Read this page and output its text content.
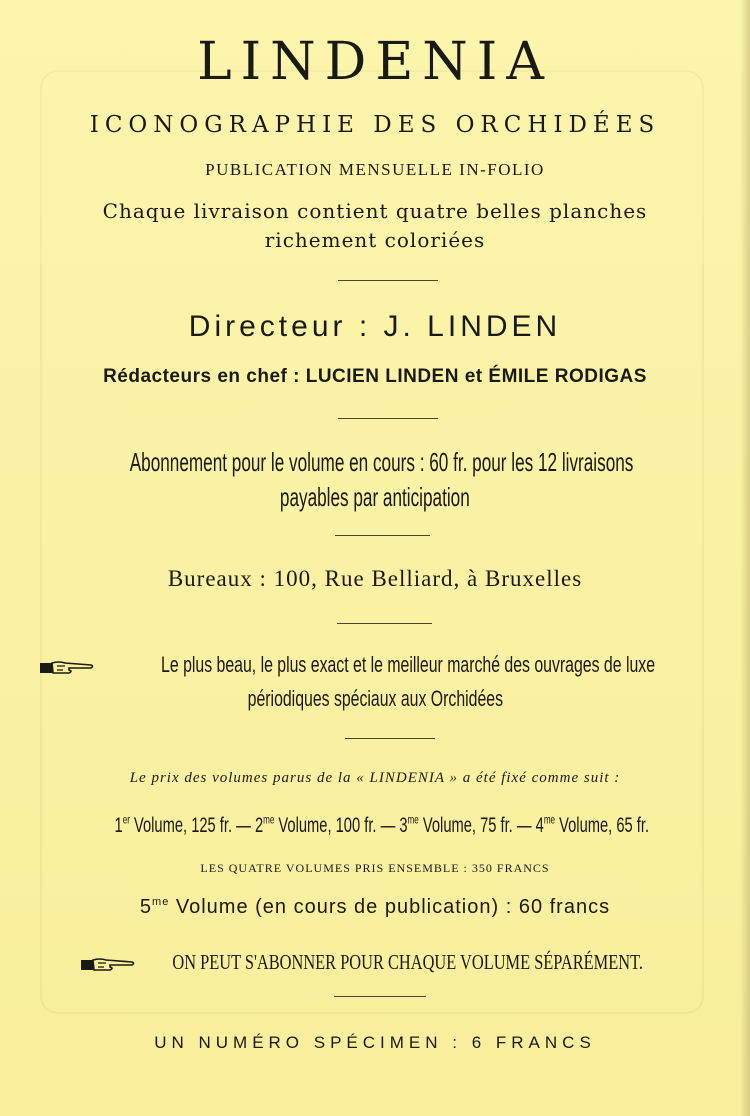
LINDENIA
ICONOGRAPHIE DES ORCHIDÉES
PUBLICATION MENSUELLE IN-FOLIO
Chaque livraison contient quatre belles planches
richement coloriées
Directeur : J. LINDEN
Rédacteurs en chef : LUCIEN LINDEN et ÉMILE RODIGAS
Abonnement pour le volume en cours : 60 fr. pour les 12 livraisons
payables par anticipation
Bureaux : 100, Rue Belliard, à Bruxelles
Le plus beau, le plus exact et le meilleur marché des ouvrages de luxe
périodiques spéciaux aux Orchidées
Le prix des volumes parus de la « LINDENIA » a été fixé comme suit :
1er Volume, 125 fr. — $2^{me}$ Volume, 100 fr. — $3^{me}$ Volume, 75 fr. — $4^{me}$ Volume, 65 fr.
LES QUATRE VOLUMES PRIS ENSEMBLE : 350 FRANCS
$5^{me}$ Volume (en cours de publication) : 60 francs
ON PEUT S'ABONNER POUR CHAQUE VOLUME SÉPARÉMENT.
UN NUMÉRO SPÉCIMEN : 6 FRANCS
